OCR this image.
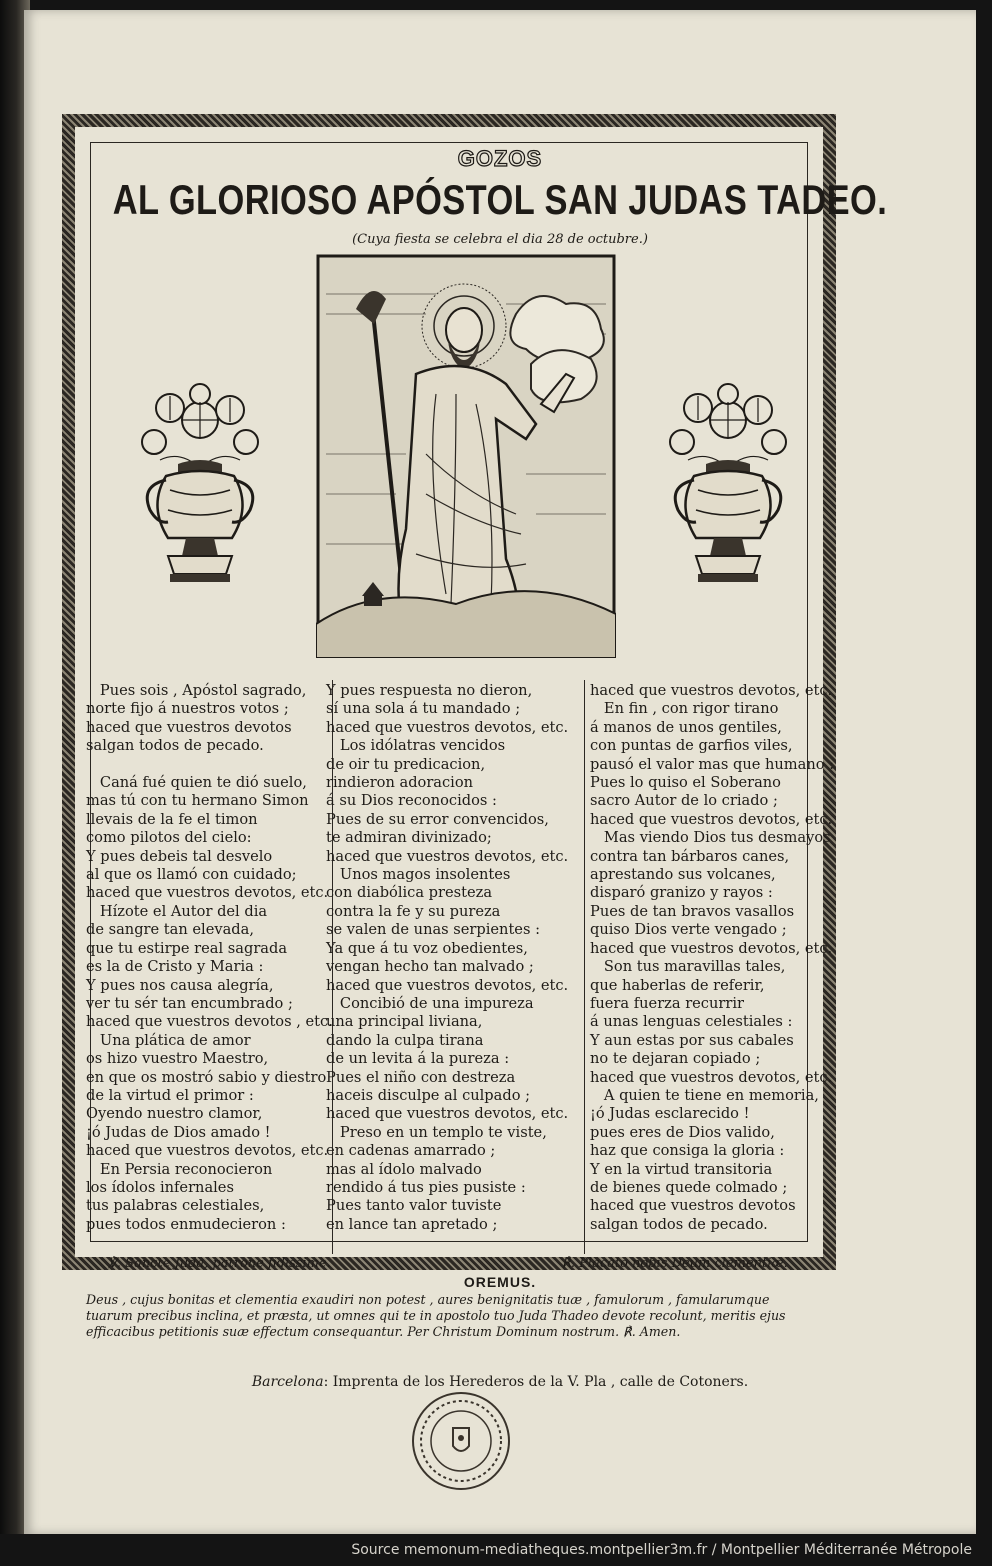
GOZOS
AL GLORIOSO APÓSTOL SAN JUDAS TADEO.
(Cuya fiesta se celebra el dia 28 de octubre.)
Pues sois , Apóstol sagrado,
norte fijo á nuestros votos ;
haced que vuestros devotos
salgan todos de pecado.

Caná fué quien te dió suelo,
mas tú con tu hermano Simon
llevais de la fe el timon
como pilotos del cielo:
Y pues debeis tal desvelo
al que os llamó con cuidado;
haced que vuestros devotos, etc.
Hízote el Autor del dia
de sangre tan elevada,
que tu estirpe real sagrada
es la de Cristo y Maria :
Y pues nos causa alegría,
ver tu sér tan encumbrado ;
haced que vuestros devotos , etc.
Una plática de amor
os hizo vuestro Maestro,
en que os mostró sabio y diestro
de la virtud el primor :
Oyendo nuestro clamor,
¡ó Judas de Dios amado !
haced que vuestros devotos, etc.
En Persia reconocieron
los ídolos infernales
tus palabras celestiales,
pues todos enmudecieron :
Y pues respuesta no dieron,
sí una sola á tu mandado ;
haced que vuestros devotos, etc.
Los idólatras vencidos
de oir tu predicacion,
rindieron adoracion
á su Dios reconocidos :
Pues de su error convencidos,
te admiran divinizado;
haced que vuestros devotos, etc.
Unos magos insolentes
con diabólica presteza
contra la fe y su pureza
se valen de unas serpientes :
Ya que á tu voz obedientes,
vengan hecho tan malvado ;
haced que vuestros devotos, etc.
Concibió de una impureza
una principal liviana,
dando la culpa tirana
de un levita á la pureza :
Pues el niño con destreza
haceis disculpe al culpado ;
haced que vuestros devotos, etc.
Preso en un templo te viste,
en cadenas amarrado ;
mas al ídolo malvado
rendido á tus pies pusiste :
Pues tanto valor tuviste
en lance tan apretado ;
haced que vuestros devotos, etc.
En fin , con rigor tirano
á manos de unos gentiles,
con puntas de garfios viles,
pausó el valor mas que humano :
Pues lo quiso el Soberano
sacro Autor de lo criado ;
haced que vuestros devotos, etc.
Mas viendo Dios tus desmayos
contra tan bárbaros canes,
aprestando sus volcanes,
disparó granizo y rayos :
Pues de tan bravos vasallos
quiso Dios verte vengado ;
haced que vuestros devotos, etc.
Son tus maravillas tales,
que haberlas de referir,
fuera fuerza recurrir
á unas lenguas celestiales :
Y aun estas por sus cabales
no te dejaran copiado ;
haced que vuestros devotos, etc.
A quien te tiene en memoria,
¡ó Judas esclarecido !
pues eres de Dios valido,
haz que consiga la gloria :
Y en la virtud transitoria
de bienes quede colmado ;
haced que vuestros devotos
salgan todos de pecado.
℣. Sancte Juda, patrone fidissime.	℟. Placato nobis Deum clementiæ.
OREMUS.
Deus , cujus bonitas et clementia exaudiri non potest , aures benignitatis tuæ , famulorum , famularumque
tuarum precibus inclina, et præsta, ut omnes qui te in apostolo tuo Juda Thadeo devote recolunt, meritis ejus
efficacibus petitionis suæ effectum consequantur. Per Christum Dominum nostrum. ℟. Amen.
Barcelona: Imprenta de los Herederos de la V. Pla , calle de Cotoners.
Source memonum-mediatheques.montpellier3m.fr / Montpellier Méditerranée Métropole
